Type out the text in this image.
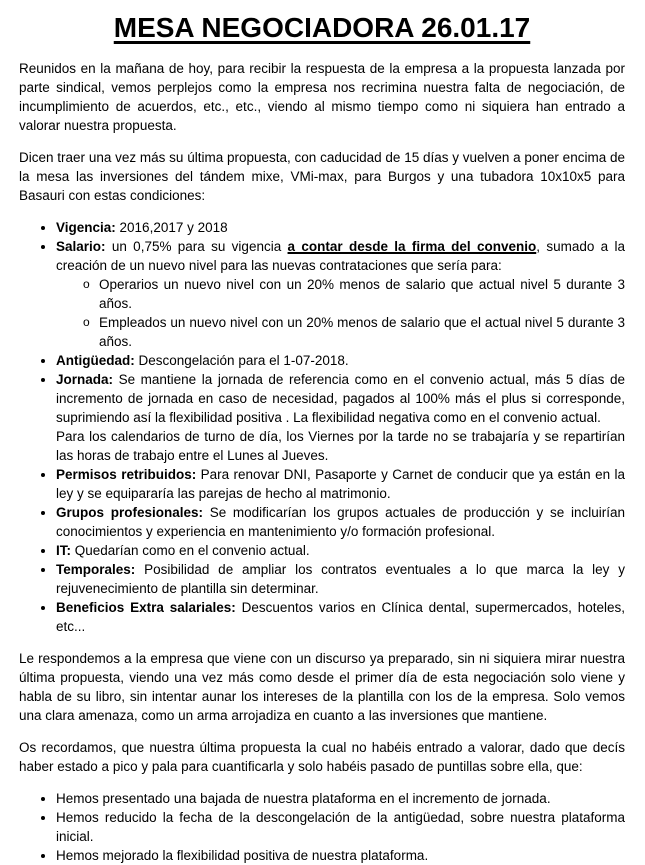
MESA NEGOCIADORA 26.01.17

Reunidos en la mañana de hoy, para recibir la respuesta de la empresa a la propuesta lanzada por parte sindical, vemos perplejos como la empresa nos recrimina nuestra falta de negociación, de incumplimiento de acuerdos, etc., etc., viendo al mismo tiempo como ni siquiera han entrado a valorar nuestra propuesta.

Dicen traer una vez más su última propuesta, con caducidad de 15 días y vuelven a poner encima de la mesa las inversiones del tándem mixe, VMi-max, para Burgos y una tubadora 10x10x5 para Basauri con estas condiciones:

• Vigencia: 2016,2017 y 2018
• Salario: un 0,75% para su vigencia a contar desde la firma del convenio, sumado a la creación de un nuevo nivel para las nuevas contrataciones que sería para:
o Operarios un nuevo nivel con un 20% menos de salario que actual nivel 5 durante 3 años.
o Empleados un nuevo nivel con un 20% menos de salario que el actual nivel 5 durante 3 años.
• Antigüedad: Descongelación para el 1-07-2018.
• Jornada: Se mantiene la jornada de referencia como en el convenio actual, más 5 días de incremento de jornada en caso de necesidad, pagados al 100% más el plus si corresponde, suprimiendo así la flexibilidad positiva . La flexibilidad negativa como en el convenio actual.
Para los calendarios de turno de día, los Viernes por la tarde no se trabajaría y se repartirían las horas de trabajo entre el Lunes al Jueves.
• Permisos retribuidos: Para renovar DNI, Pasaporte y Carnet de conducir que ya están en la ley y se equipararía las parejas de hecho al matrimonio.
• Grupos profesionales: Se modificarían los grupos actuales de producción y se incluirían conocimientos y experiencia en mantenimiento y/o formación profesional.
• IT: Quedarían como en el convenio actual.
• Temporales: Posibilidad de ampliar los contratos eventuales a lo que marca la ley y rejuvenecimiento de plantilla sin determinar.
• Beneficios Extra salariales: Descuentos varios en Clínica dental, supermercados, hoteles, etc...

Le respondemos a la empresa que viene con un discurso ya preparado, sin ni siquiera mirar nuestra última propuesta, viendo una vez más como desde el primer día de esta negociación solo viene y habla de su libro, sin intentar aunar los intereses de la plantilla con los de la empresa. Solo vemos una clara amenaza, como un arma arrojadiza en cuanto a las inversiones que mantiene.

Os recordamos, que nuestra última propuesta la cual no habéis entrado a valorar, dado que decís haber estado a pico y pala para cuantificarla y solo habéis pasado de puntillas sobre ella, que:

• Hemos presentado una bajada de nuestra plataforma en el incremento de jornada.
• Hemos reducido la fecha de la descongelación de la antigüedad, sobre nuestra plataforma inicial.
• Hemos mejorado la flexibilidad positiva de nuestra plataforma.
